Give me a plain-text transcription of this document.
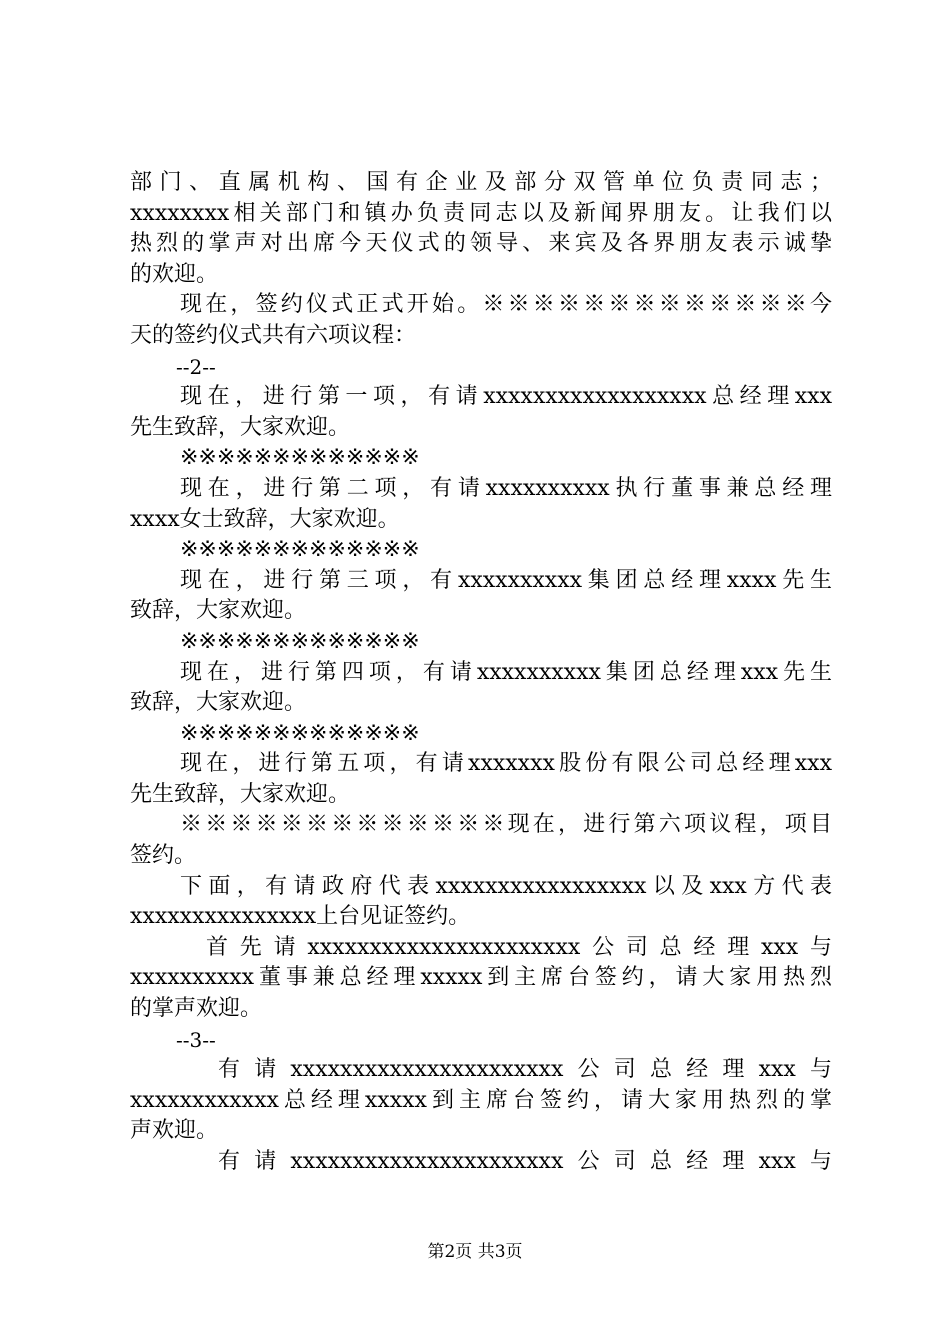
部门、直属机构、国有企业及部分双管单位负责同志；
xxxxxxxx相关部门和镇办负责同志以及新闻界朋友。让我们以
热烈的掌声对出席今天仪式的领导、来宾及各界朋友表示诚挚
的欢迎。
现在，签约仪式正式开始。※※※※※※※※※※※※※今
天的签约仪式共有六项议程：
--2--
现在，进行第一项，有请xxxxxxxxxxxxxxxxxx总经理xxx
先生致辞，大家欢迎。
※※※※※※※※※※※※※
现在，进行第二项，有请xxxxxxxxxx执行董事兼总经理
xxxx女士致辞，大家欢迎。
※※※※※※※※※※※※※
现在，进行第三项，有xxxxxxxxxx集团总经理xxxx先生
致辞，大家欢迎。
※※※※※※※※※※※※※
现在，进行第四项，有请xxxxxxxxxx集团总经理xxx先生
致辞，大家欢迎。
※※※※※※※※※※※※※
现在，进行第五项，有请xxxxxxx股份有限公司总经理xxx
先生致辞，大家欢迎。
※※※※※※※※※※※※※现在，进行第六项议程，项目
签约。
下面，有请政府代表xxxxxxxxxxxxxxxxx以及xxx方代表
xxxxxxxxxxxxxxx上台见证签约。
首先请xxxxxxxxxxxxxxxxxxxxxx公司总经理xxx与
xxxxxxxxxx董事兼总经理xxxxx到主席台签约，请大家用热烈
的掌声欢迎。
--3--
有请xxxxxxxxxxxxxxxxxxxxxx公司总经理xxx与
xxxxxxxxxxxx总经理xxxxx到主席台签约，请大家用热烈的掌
声欢迎。
有请xxxxxxxxxxxxxxxxxxxxxx公司总经理xxx与
第2页 共3页
